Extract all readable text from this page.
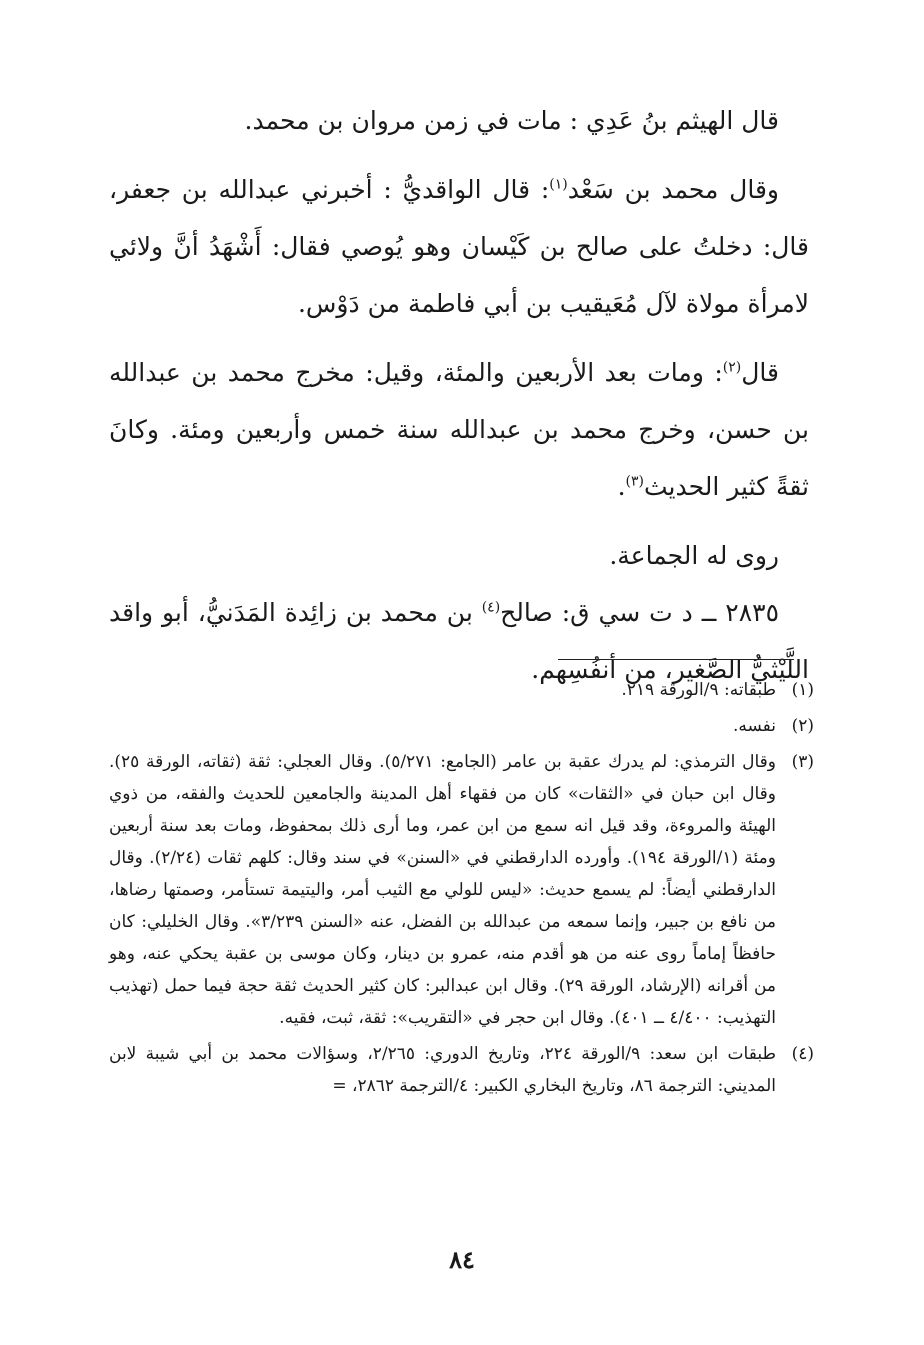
قال الهيثم بنُ عَدِي : مات في زمن مروان بن محمد.

وقال محمد بن سَعْد$^{(١)}$: قال الواقديُّ : أخبرني عبدالله بن جعفر، قال: دخلتُ على صالح بن كَيْسان وهو يُوصي فقال: أَشْهَدُ أنَّ ولائي لامرأة مولاة لآل مُعَيقيب بن أبي فاطمة من دَوْس.

قال$^{(٢)}$: ومات بعد الأربعين والمئة، وقيل: مخرج محمد بن عبدالله بن حسن، وخرج محمد بن عبدالله سنة خمس وأربعين ومئة. وكانَ ثقةً كثير الحديث$^{(٣)}$.

روى له الجماعة.

٢٨٣٥ ــ د ت سي ق: صالح$^{(٤)}$ بن محمد بن زائِدة المَدَنيُّ، أبو واقد اللَّيْثيُّ الصَّغير، من أنفُسِهم.

(١)
طبقاته: ٩/الورقة ٢١٩.
(٢)
نفسه.
(٣)
وقال الترمذي: لم يدرك عقبة بن عامر (الجامع: ٥/٢٧١). وقال العجلي: ثقة (ثقاته، الورقة ٢٥). وقال ابن حبان في «الثقات» كان من فقهاء أهل المدينة والجامعين للحديث والفقه، من ذوي الهيئة والمروءة، وقد قيل انه سمع من ابن عمر، وما أرى ذلك بمحفوظ، ومات بعد سنة أربعين ومئة (١/الورقة ١٩٤). وأورده الدارقطني في «السنن» في سند وقال: كلهم ثقات (٢/٢٤). وقال الدارقطني أيضاً: لم يسمع حديث: «ليس للولي مع الثيب أمر، واليتيمة تستأمر، وصمتها رضاها، من نافع بن جبير، وإنما سمعه من عبدالله بن الفضل، عنه «السنن ٣/٢٣٩». وقال الخليلي: كان حافظاً إماماً روى عنه من هو أقدم منه، عمرو بن دينار، وكان موسى بن عقبة يحكي عنه، وهو من أقرانه (الإرشاد، الورقة ٢٩). وقال ابن عبدالبر: كان كثير الحديث ثقة حجة فيما حمل (تهذيب التهذيب: ٤/٤٠٠ ــ ٤٠١). وقال ابن حجر في «التقريب»: ثقة، ثبت، فقيه.
(٤)
طبقات ابن سعد: ٩/الورقة ٢٢٤، وتاريخ الدوري: ٢/٢٦٥، وسؤالات محمد بن أبي شيبة لابن المديني: الترجمة ٨٦، وتاريخ البخاري الكبير: ٤/الترجمة ٢٨٦٢، =
٨٤
